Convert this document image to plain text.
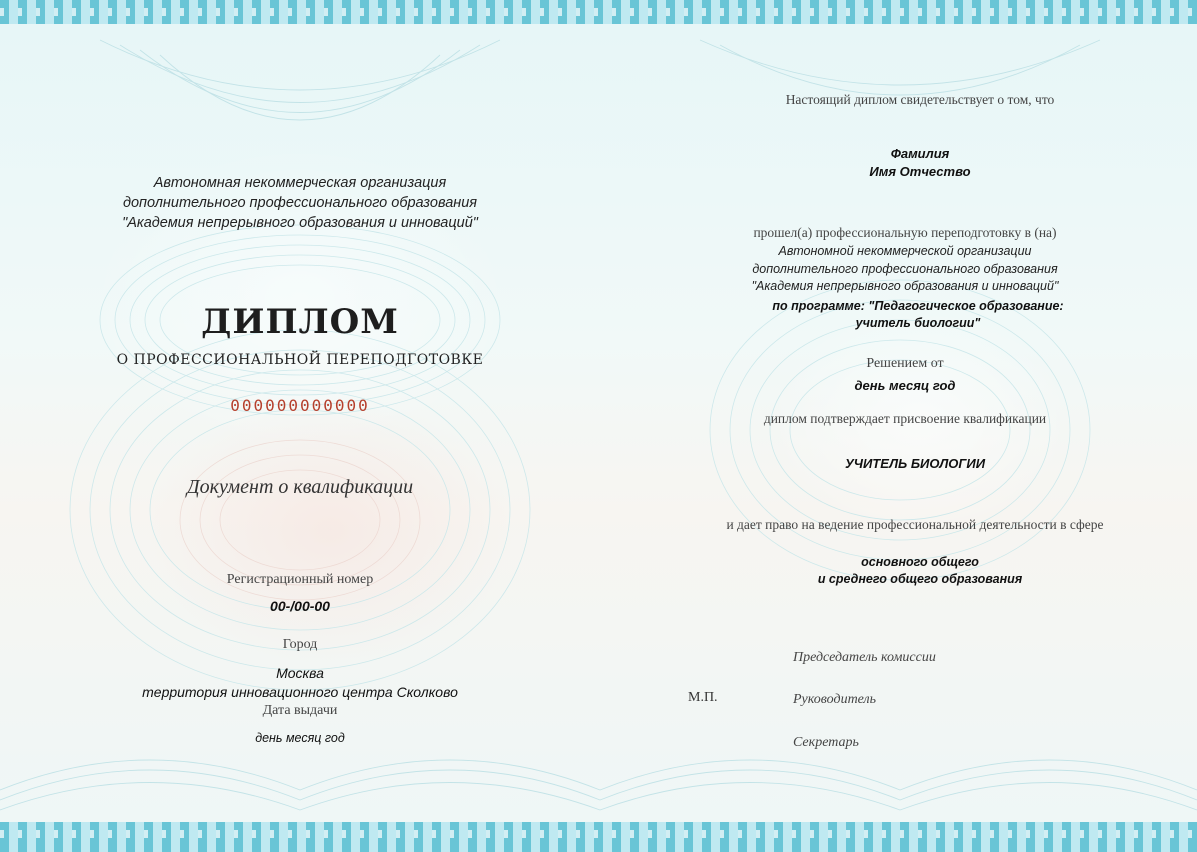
Автономная некоммерческая организация
дополнительного профессионального образования
"Академия непрерывного образования и инноваций"
ДИПЛОМ
О ПРОФЕССИОНАЛЬНОЙ ПЕРЕПОДГОТОВКЕ
000000000000
Документ о квалификации
Регистрационный номер
00-/00-00
Город
Москва
территория инновационного центра Сколково
Дата выдачи
день месяц год
Настоящий диплом свидетельствует о том, что
Фамилия
Имя Отчество
прошел(а) профессиональную переподготовку в (на)
Автономной некоммерческой организации
дополнительного профессионального образования
"Академия непрерывного образования и инноваций"
по программе: "Педагогическое образование:
учитель биологии"
Решением от
день месяц год
диплом подтверждает присвоение квалификации
УЧИТЕЛЬ БИОЛОГИИ
и дает право на ведение профессиональной деятельности в сфере
основного общего
и среднего общего образования
Председатель комиссии
М.П.	Руководитель
Секретарь
